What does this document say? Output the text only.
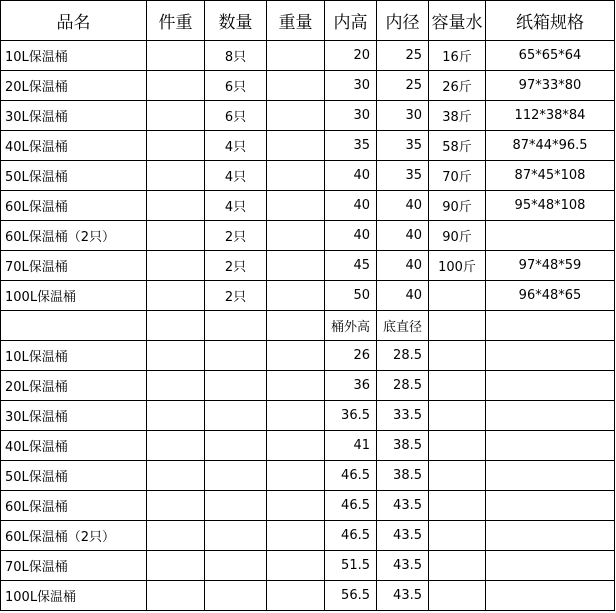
品名	件重	数量	重量	内高	内径	容量水	纸箱规格
10L保温桶		8只		20	25	16斤	65*65*64
20L保温桶		6只		30	25	26斤	97*33*80
30L保温桶		6只		30	30	38斤	112*38*84
40L保温桶		4只		35	35	58斤	87*44*96.5
50L保温桶		4只		40	35	70斤	87*45*108
60L保温桶		4只		40	40	90斤	95*48*108
60L保温桶（2只）		2只		40	40	90斤	
70L保温桶		2只		45	40	100斤	97*48*59
100L保温桶		2只		50	40		96*48*65
				桶外高	底直径		
10L保温桶				26	28.5		
20L保温桶				36	28.5		
30L保温桶				36.5	33.5		
40L保温桶				41	38.5		
50L保温桶				46.5	38.5		
60L保温桶				46.5	43.5		
60L保温桶（2只）				46.5	43.5		
70L保温桶				51.5	43.5		
100L保温桶				56.5	43.5		
